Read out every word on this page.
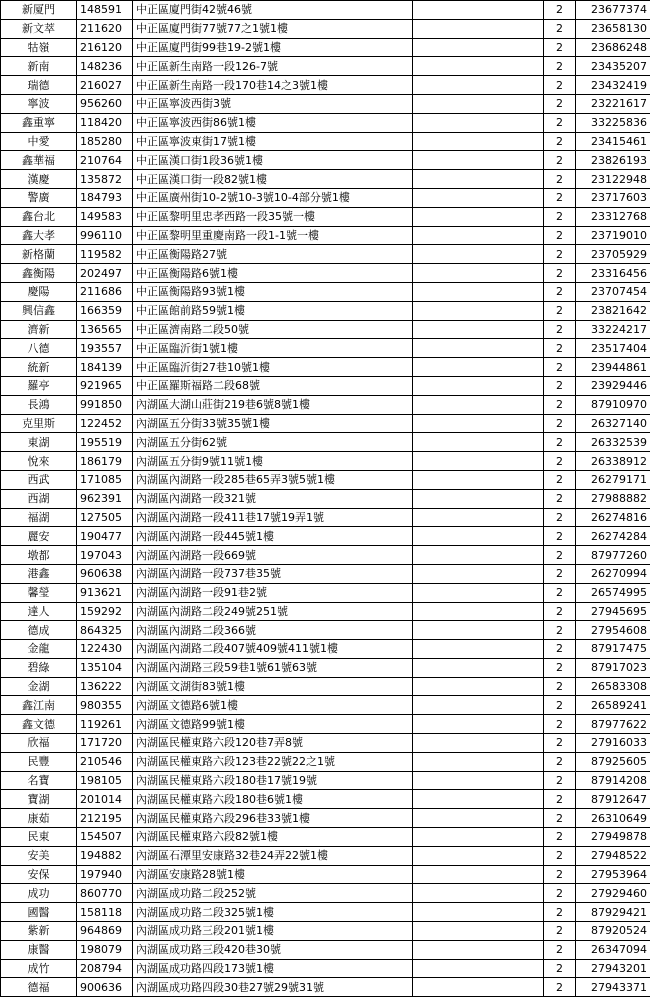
新厦門	148591	中正區廈門街42號46號		2	23677374
新文萃	211620	中正區廈門街77號77之1號1樓		2	23658130
牯嶺	216120	中正區廈門街99巷19-2號1樓		2	23686248
新南	148236	中正區新生南路一段126-7號		2	23435207
瑞德	216027	中正區新生南路一段170巷14之3號1樓		2	23432419
寧波	956260	中正區寧波西街3號		2	23221617
鑫重寧	118420	中正區寧波西街86號1樓		2	33225836
中愛	185280	中正區寧波東街17號1樓		2	23415461
鑫華福	210764	中正區漢口街1段36號1樓		2	23826193
漢慶	135872	中正區漢口街一段82號1樓		2	23122948
警廣	184793	中正區廣州街10-2號10-3號10-4部分號1樓		2	23717603
鑫台北	149583	中正區黎明里忠孝西路一段35號一樓		2	23312768
鑫大孝	996110	中正區黎明里重慶南路一段1-1號一樓		2	23719010
新格蘭	119582	中正區衡陽路27號		2	23705929
鑫衡陽	202497	中正區衡陽路6號1樓		2	23316456
慶陽	211686	中正區衡陽路93號1樓		2	23707454
興信鑫	166359	中正區館前路59號1樓		2	23821642
濟新	136565	中正區濟南路二段50號		2	33224217
八德	193557	中正區臨沂街1號1樓		2	23517404
統新	184139	中正區臨沂街27巷10號1樓		2	23944861
羅亭	921965	中正區羅斯福路二段68號		2	23929446
長鴻	991850	內湖區大湖山莊街219巷6號8號1樓		2	87910970
克里斯	122452	內湖區五分街33號35號1樓		2	26327140
東湖	195519	內湖區五分街62號		2	26332539
悅來	186179	內湖區五分街9號11號1樓		2	26338912
西武	171085	內湖區內湖路一段285巷65弄3號5號1樓		2	26279171
西湖	962391	內湖區內湖路一段321號		2	27988882
福湖	127505	內湖區內湖路一段411巷17號19弄1號		2	26274816
麗安	190477	內湖區內湖路一段445號1樓		2	26274284
墩都	197043	內湖區內湖路一段669號		2	87977260
港鑫	960638	內湖區內湖路一段737巷35號		2	26270994
馨瑩	913621	內湖區內湖路一段91巷2號		2	26574995
達人	159292	內湖區內湖路二段249號251號		2	27945695
德成	864325	內湖區內湖路二段366號		2	27954608
金龍	122430	內湖區內湖路二段407號409號411號1樓		2	87917475
碧綠	135104	內湖區內湖路三段59巷1號61號63號		2	87917023
金湖	136222	內湖區文湖街83號1樓		2	26583308
鑫江南	980355	內湖區文德路6號1樓		2	26589241
鑫文德	119261	內湖區文德路99號1樓		2	87977622
欣福	171720	內湖區民權東路六段120巷7弄8號		2	27916033
民豐	210546	內湖區民權東路六段123巷22號22之1號		2	87925605
名寶	198105	內湖區民權東路六段180巷17號19號		2	87914208
寶湖	201014	內湖區民權東路六段180巷6號1樓		2	87912647
康茹	212195	內湖區民權東路六段296巷33號1樓		2	26310649
民東	154507	內湖區民權東路六段82號1樓		2	27949878
安美	194882	內湖區石潭里安康路32巷24弄22號1樓		2	27948522
安保	197940	內湖區安康路28號1樓		2	27953964
成功	860770	內湖區成功路二段252號		2	27929460
國醫	158118	內湖區成功路二段325號1樓		2	87929421
紫新	964869	內湖區成功路三段201號1樓		2	87920524
康醫	198079	內湖區成功路三段420巷30號		2	26347094
成竹	208794	內湖區成功路四段173號1樓		2	27943201
德福	900636	內湖區成功路四段30巷27號29號31號		2	27943371
